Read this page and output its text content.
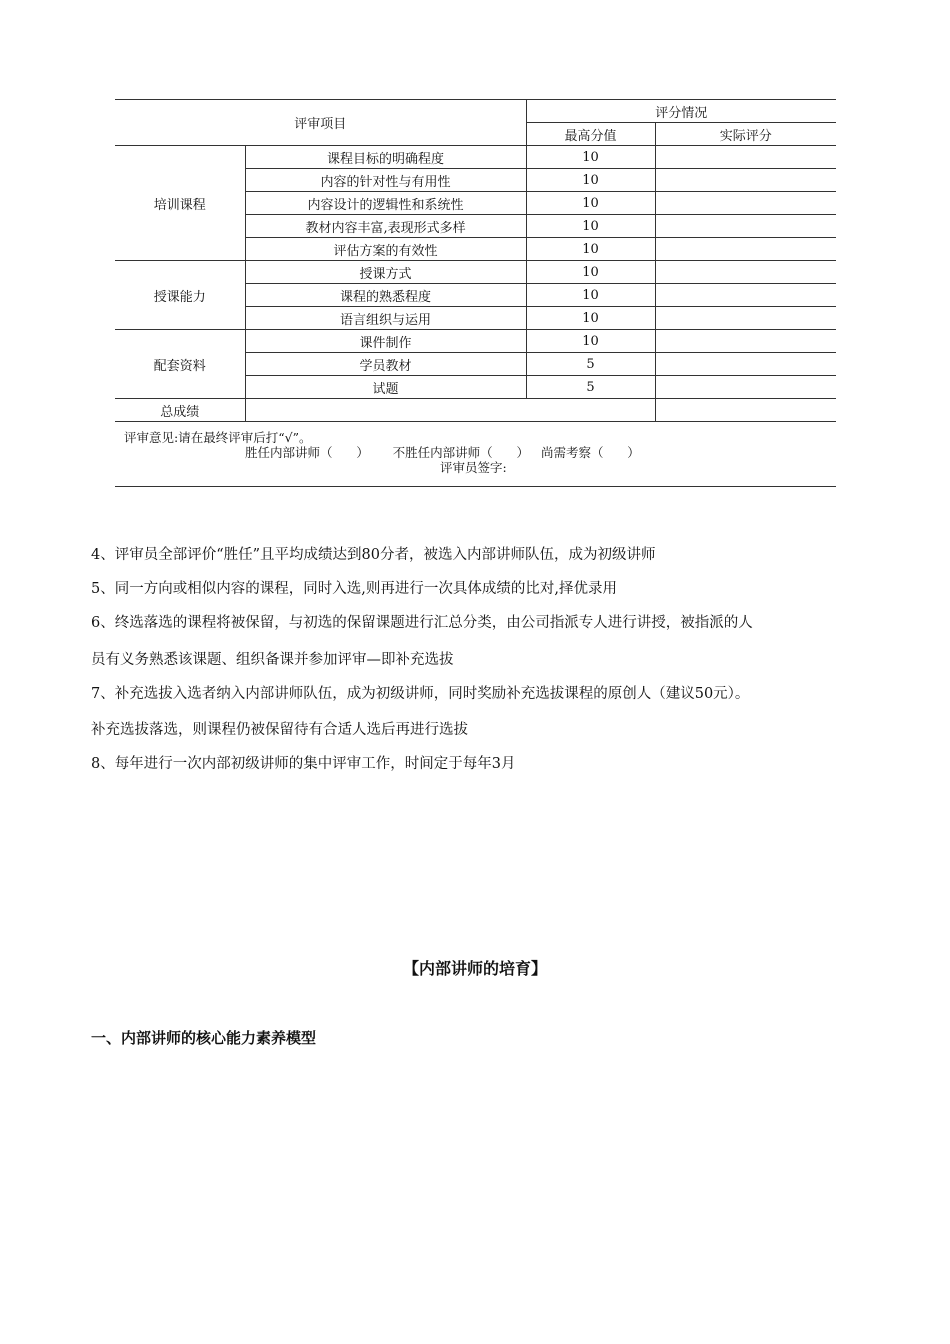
评审项目		评分情况	
		最高分值	实际评分
培训课程	课程目标的明确程度	10	
	内容的针对性与有用性	10	
	内容设计的逻辑性和系统性	10	
	教材内容丰富,表现形式多样	10	
	评估方案的有效性	10	
授课能力	授课方式	10	
	课程的熟悉程度	10	
	语言组织与运用	10	
配套资料	课件制作	10	
	学员教材	5	
	试题	5	
总成绩			
评审意见:请在最终评审后打“√”。
胜任内部讲师（      ）      不胜任内部讲师（      ）   尚需考察（      ）
评审员签字:
4、评审员全部评价“胜任”且平均成绩达到80分者，被选入内部讲师队伍，成为初级讲师
5、同一方向或相似内容的课程，同时入选,则再进行一次具体成绩的比对,择优录用
6、终选落选的课程将被保留，与初选的保留课题进行汇总分类，由公司指派专人进行讲授，被指派的人
员有义务熟悉该课题、组织备课并参加评审—即补充选拔
7、补充选拔入选者纳入内部讲师队伍，成为初级讲师，同时奖励补充选拔课程的原创人（建议50元）。
补充选拔落选，则课程仍被保留待有合适人选后再进行选拔
8、每年进行一次内部初级讲师的集中评审工作，时间定于每年3月
【内部讲师的培育】
一、内部讲师的核心能力素养模型
